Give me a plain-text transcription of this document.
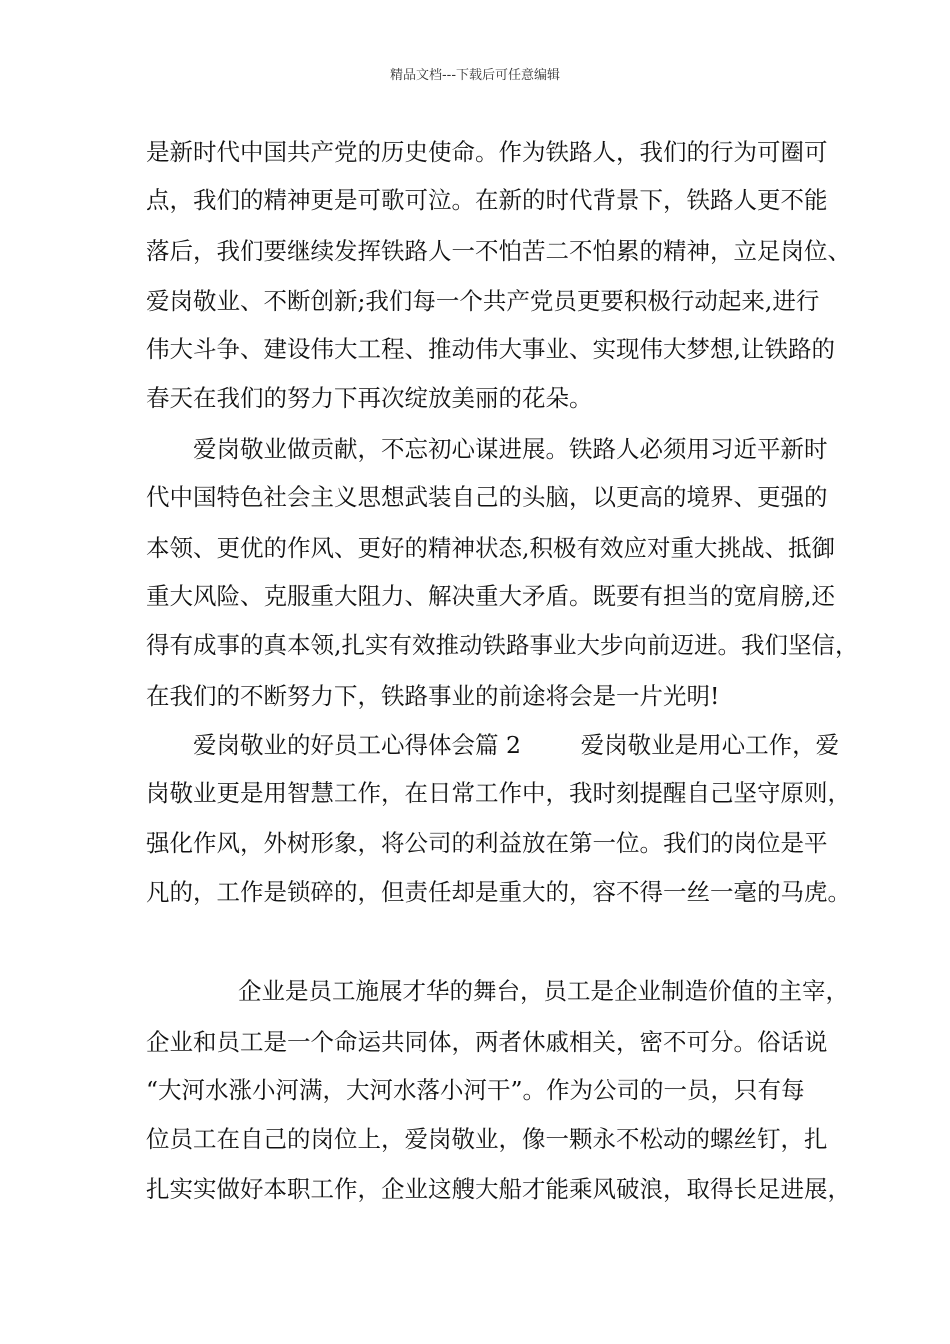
精品文档---下载后可任意编辑
是新时代中国共产党的历史使命。作为铁路人，我们的行为可圈可
点，我们的精神更是可歌可泣。在新的时代背景下，铁路人更不能
落后，我们要继续发挥铁路人一不怕苦二不怕累的精神，立足岗位、
爱岗敬业、不断创新;我们每一个共产党员更要积极行动起来,进行
伟大斗争、建设伟大工程、推动伟大事业、实现伟大梦想,让铁路的
春天在我们的努力下再次绽放美丽的花朵。
爱岗敬业做贡献，不忘初心谋进展。铁路人必须用习近平新时
代中国特色社会主义思想武装自己的头脑，以更高的境界、更强的
本领、更优的作风、更好的精神状态,积极有效应对重大挑战、抵御
重大风险、克服重大阻力、解决重大矛盾。既要有担当的宽肩膀,还
得有成事的真本领,扎实有效推动铁路事业大步向前迈进。我们坚信，
在我们的不断努力下，铁路事业的前途将会是一片光明!
爱岗敬业的好员工心得体会篇 2        爱岗敬业是用心工作，爱
岗敬业更是用智慧工作，在日常工作中，我时刻提醒自己坚守原则，
强化作风，外树形象，将公司的利益放在第一位。我们的岗位是平
凡的，工作是锁碎的，但责任却是重大的，容不得一丝一毫的马虎。
企业是员工施展才华的舞台，员工是企业制造价值的主宰，
企业和员工是一个命运共同体，两者休戚相关，密不可分。俗话说
“大河水涨小河满，大河水落小河干”。作为公司的一员，只有每
位员工在自己的岗位上，爱岗敬业，像一颗永不松动的螺丝钉，扎
扎实实做好本职工作，企业这艘大船才能乘风破浪，取得长足进展，
